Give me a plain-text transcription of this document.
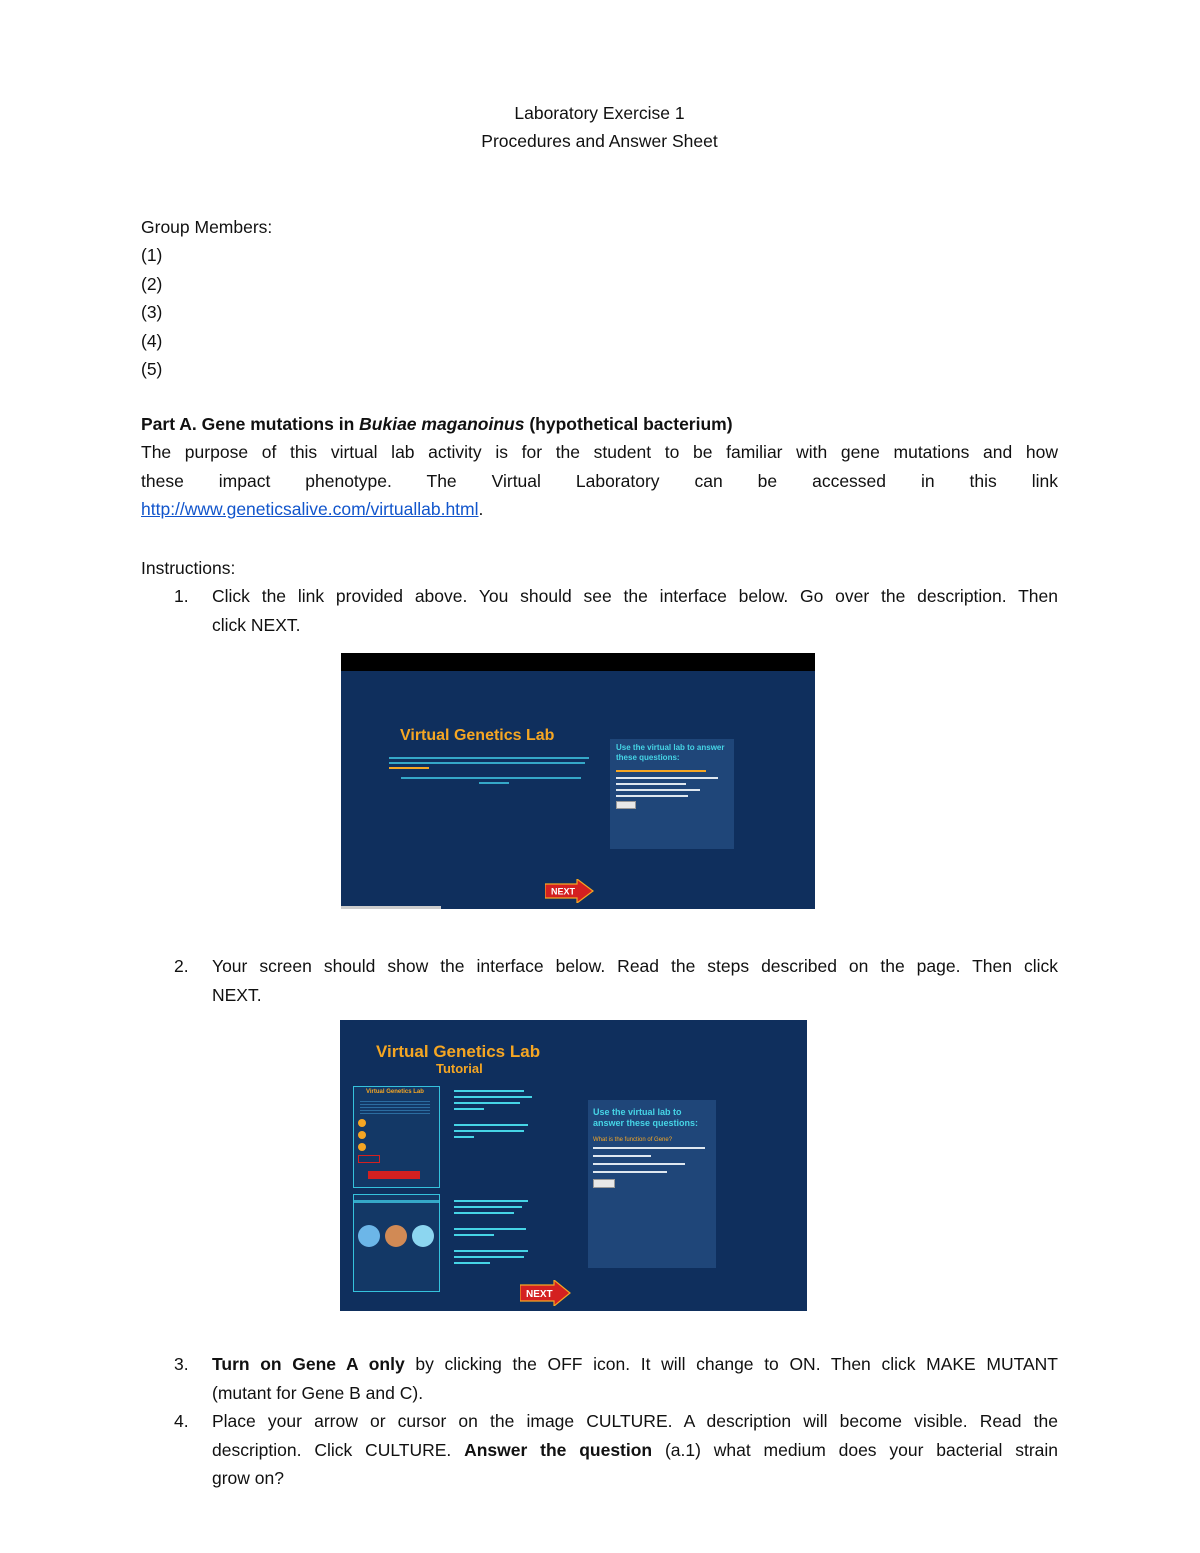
Laboratory Exercise 1
Procedures and Answer Sheet
Group Members:
(1)
(2)
(3)
(4)
(5)
Part A. Gene mutations in Bukiae maganoinus (hypothetical bacterium)
The purpose of this virtual lab activity is for the student to be familiar with gene mutations and how
these impact phenotype. The Virtual Laboratory can be accessed in this link
http://www.geneticsalive.com/virtuallab.html.
Instructions:
1. Click the link provided above. You should see the interface below. Go over the description. Then
click NEXT.
2. Your screen should show the interface below. Read the steps described on the page. Then click
NEXT.
3. Turn on Gene A only by clicking the OFF icon. It will change to ON. Then click MAKE MUTANT
(mutant for Gene B and C).
4. Place your arrow or cursor on the image CULTURE. A description will become visible. Read the
description. Click CULTURE. Answer the question (a.1) what medium does your bacterial strain
grow on?
Virtual Genetics Lab
Use the virtual lab to answer these questions:
NEXT
Virtual Genetics Lab
Tutorial
Virtual Genetics Lab
Use the virtual lab to answer these questions:
What is the function of Gene?
NEXT
